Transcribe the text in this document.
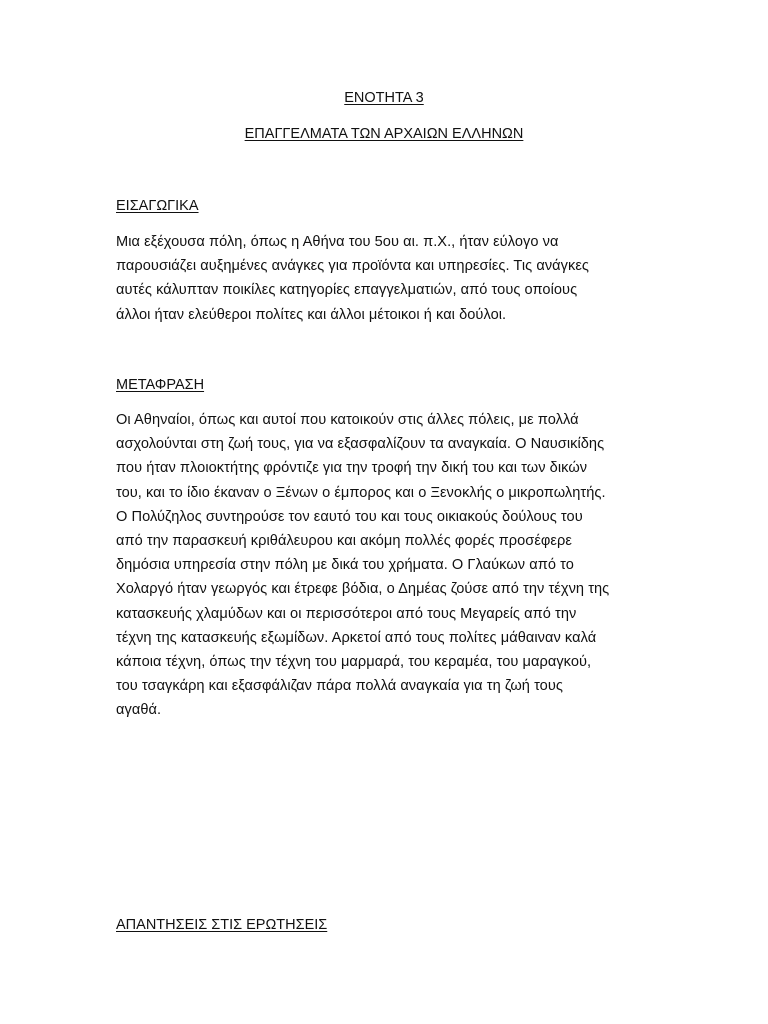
ΕΝΟΤΗΤΑ 3
ΕΠΑΓΓΕΛΜΑΤΑ ΤΩΝ ΑΡΧΑΙΩΝ ΕΛΛΗΝΩΝ
ΕΙΣΑΓΩΓΙΚΑ
Μια εξέχουσα πόλη, όπως η Αθήνα του 5ου αι. π.Χ., ήταν εύλογο να
παρουσιάζει αυξημένες ανάγκες για προϊόντα και υπηρεσίες. Τις ανάγκες
αυτές κάλυπταν ποικίλες κατηγορίες επαγγελματιών, από τους οποίους
άλλοι ήταν ελεύθεροι πολίτες και άλλοι μέτοικοι ή και δούλοι.
ΜΕΤΑΦΡΑΣΗ
Οι Αθηναίοι, όπως και αυτοί που κατοικούν στις άλλες πόλεις, με πολλά
ασχολούνται στη ζωή τους, για να εξασφαλίζουν τα αναγκαία. Ο Ναυσικίδης
που ήταν πλοιοκτήτης φρόντιζε για την τροφή την δική του και των δικών
του, και το ίδιο έκαναν ο Ξένων ο έμπορος και ο Ξενοκλής ο μικροπωλητής.
Ο Πολύζηλος συντηρούσε τον εαυτό του και τους οικιακούς δούλους του
από την παρασκευή κριθάλευρου και ακόμη πολλές φορές προσέφερε
δημόσια υπηρεσία στην πόλη με δικά του χρήματα. Ο Γλαύκων από το
Χολαργό ήταν γεωργός και έτρεφε βόδια, ο Δημέας ζούσε από την τέχνη της
κατασκευής χλαμύδων και οι περισσότεροι από τους Μεγαρείς από την
τέχνη της κατασκευής εξωμίδων. Αρκετοί από τους πολίτες μάθαιναν καλά
κάποια τέχνη, όπως την τέχνη του μαρμαρά, του κεραμέα, του μαραγκού,
του τσαγκάρη και εξασφάλιζαν πάρα πολλά αναγκαία για τη ζωή τους
αγαθά.
ΑΠΑΝΤΗΣΕΙΣ ΣΤΙΣ ΕΡΩΤΗΣΕΙΣ
